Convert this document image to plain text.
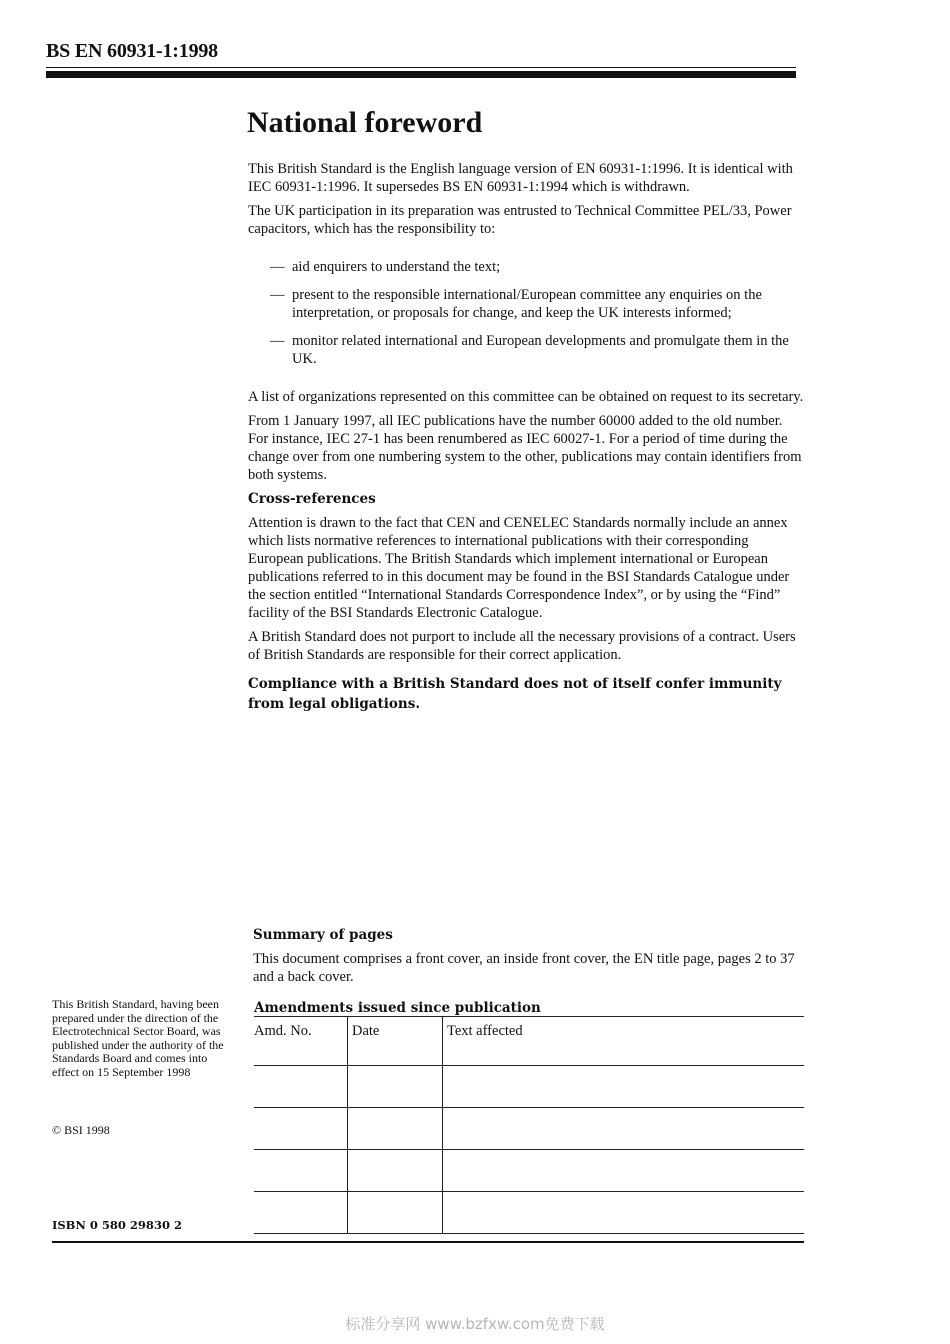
BS EN 60931-1:1998
National foreword

This British Standard is the English language version of EN 60931-1:1996. It is identical with IEC 60931-1:1996. It supersedes BS EN 60931-1:1994 which is withdrawn.

The UK participation in its preparation was entrusted to Technical Committee PEL/33, Power capacitors, which has the responsibility to:

— aid enquirers to understand the text;
— present to the responsible international/European committee any enquiries on the interpretation, or proposals for change, and keep the UK interests informed;
— monitor related international and European developments and promulgate them in the UK.

A list of organizations represented on this committee can be obtained on request to its secretary.

From 1 January 1997, all IEC publications have the number 60000 added to the old number. For instance, IEC 27-1 has been renumbered as IEC 60027-1. For a period of time during the change over from one numbering system to the other, publications may contain identifiers from both systems.

Cross-references

Attention is drawn to the fact that CEN and CENELEC Standards normally include an annex which lists normative references to international publications with their corresponding European publications. The British Standards which implement international or European publications referred to in this document may be found in the BSI Standards Catalogue under the section entitled “International Standards Correspondence Index”, or by using the “Find” facility of the BSI Standards Electronic Catalogue.

A British Standard does not purport to include all the necessary provisions of a contract. Users of British Standards are responsible for their correct application.

Compliance with a British Standard does not of itself confer immunity from legal obligations.
Summary of pages

This document comprises a front cover, an inside front cover, the EN title page, pages 2 to 37 and a back cover.

Amendments issued since publication
Amd. No.	Date	Text affected

This British Standard, having been prepared under the direction of the Electrotechnical Sector Board, was published under the authority of the Standards Board and comes into effect on 15 September 1998
© BSI 1998
ISBN 0 580 29830 2
标准分享网 www.bzfxw.com免费下载
